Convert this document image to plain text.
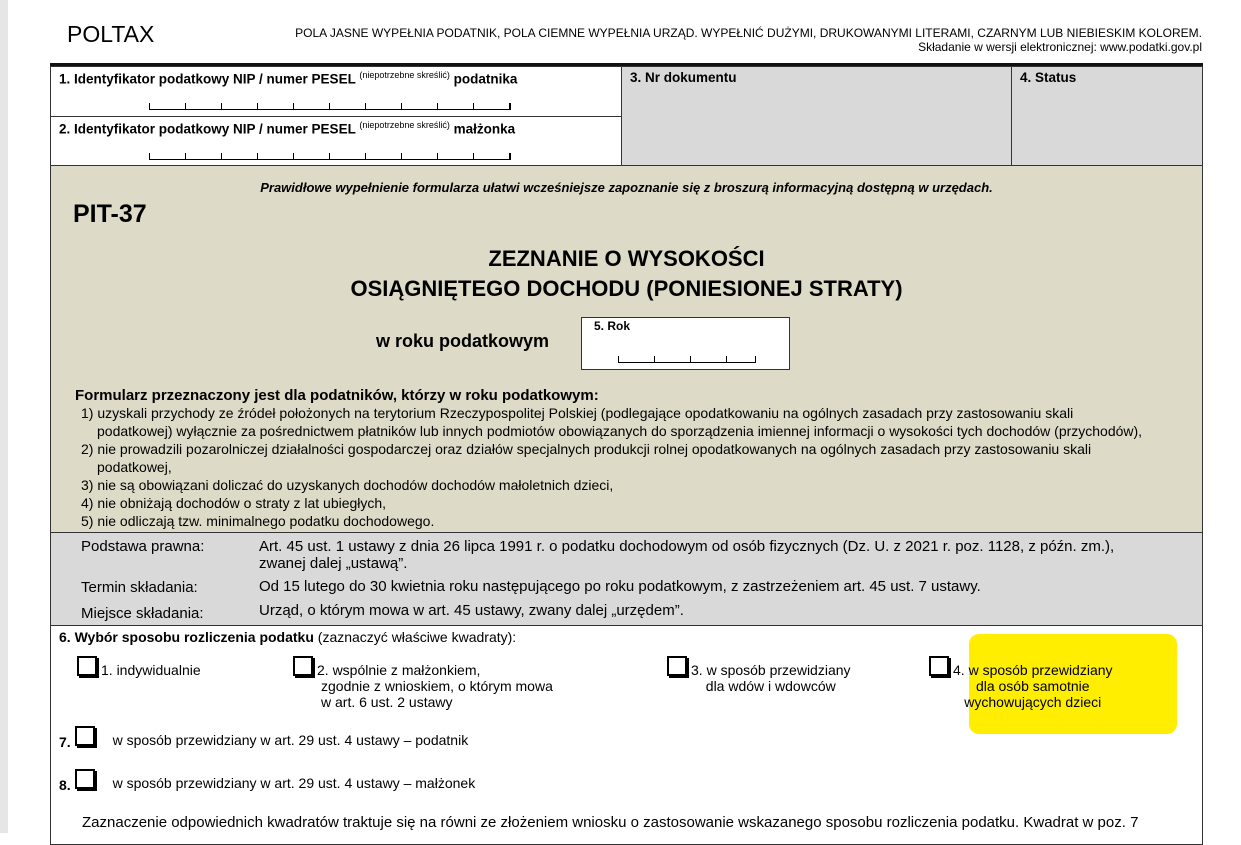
POLTAX	POLA JASNE WYPEŁNIA PODATNIK, POLA CIEMNE WYPEŁNIA URZĄD. WYPEŁNIĆ DUŻYMI, DRUKOWANYMI LITERAMI, CZARNYM LUB NIEBIESKIM KOLOREM.
Składanie w wersji elektronicznej: www.podatki.gov.pl
1. Identyfikator podatkowy NIP / numer PESEL $^{(niepotrzebne skreślić)}$ podatnika
2. Identyfikator podatkowy NIP / numer PESEL $^{(niepotrzebne skreślić)}$ małżonka
3. Nr dokumentu	4. Status
Prawidłowe wypełnienie formularza ułatwi wcześniejsze zapoznanie się z broszurą informacyjną dostępną w urzędach.
PIT-37
ZEZNANIE O WYSOKOŚCI
OSIĄGNIĘTEGO DOCHODU (PONIESIONEJ STRATY)
w roku podatkowym
5. Rok
Formularz przeznaczony jest dla podatników, którzy w roku podatkowym:
1) uzyskali przychody ze źródeł położonych na terytorium Rzeczypospolitej Polskiej (podlegające opodatkowaniu na ogólnych zasadach przy zastosowaniu skali
podatkowej) wyłącznie za pośrednictwem płatników lub innych podmiotów obowiązanych do sporządzenia imiennej informacji o wysokości tych dochodów (przychodów),
2) nie prowadzili pozarolniczej działalności gospodarczej oraz działów specjalnych produkcji rolnej opodatkowanych na ogólnych zasadach przy zastosowaniu skali
podatkowej,
3) nie są obowiązani doliczać do uzyskanych dochodów dochodów małoletnich dzieci,
4) nie obniżają dochodów o straty z lat ubiegłych,
5) nie odliczają tzw. minimalnego podatku dochodowego.
Podstawa prawna:	Art. 45 ust. 1 ustawy z dnia 26 lipca 1991 r. o podatku dochodowym od osób fizycznych (Dz. U. z 2021 r. poz. 1128, z późn. zm.),
zwanej dalej „ustawą”.
Termin składania:	Od 15 lutego do 30 kwietnia roku następującego po roku podatkowym, z zastrzeżeniem art. 45 ust. 7 ustawy.
Miejsce składania:	Urząd, o którym mowa w art. 45 ustawy, zwany dalej „urzędem”.
6. Wybór sposobu rozliczenia podatku (zaznaczyć właściwe kwadraty):
1. indywidualnie	2. wspólnie z małżonkiem,
zgodnie z wnioskiem, o którym mowa
w art. 6 ust. 2 ustawy
3. w sposób przewidziany
dla wdów i wdowców
4. w sposób przewidziany
dla osób samotnie
wychowujących dzieci
7.	w sposób przewidziany w art. 29 ust. 4 ustawy – podatnik
8.	w sposób przewidziany w art. 29 ust. 4 ustawy – małżonek
Zaznaczenie odpowiednich kwadratów traktuje się na równi ze złożeniem wniosku o zastosowanie wskazanego sposobu rozliczenia podatku. Kwadrat w poz. 7
